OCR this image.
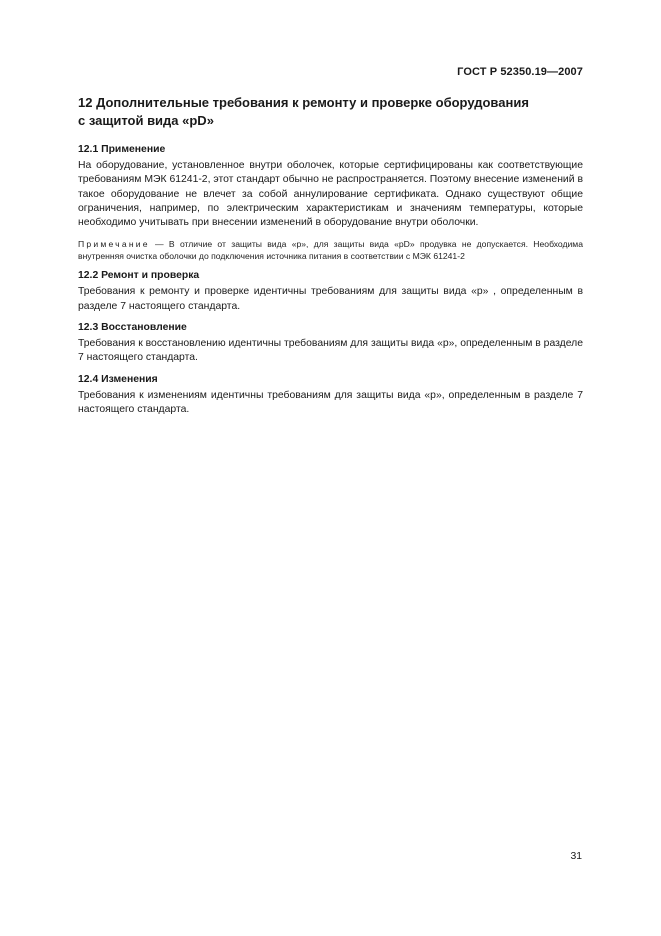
ГОСТ Р 52350.19—2007
12 Дополнительные требования к ремонту и проверке оборудования
с защитой вида «pD»
12.1 Применение

На оборудование, установленное внутри оболочек, которые сертифицированы как соответствующие требованиям МЭК 61241-2, этот стандарт обычно не распространяется. Поэтому внесение изменений в такое оборудование не влечет за собой аннулирование сертификата. Однако существуют общие ограничения, например, по электрическим характеристикам и значениям температуры, которые необходимо учитывать при внесении изменений в оборудование внутри оболочки.

Примечание — В отличие от защиты вида «р», для защиты вида «pD» продувка не допускается. Необходима внутренняя очистка оболочки до подключения источника питания в соответствии с МЭК 61241-2

12.2 Ремонт и проверка

Требования к ремонту и проверке идентичны требованиям для защиты вида «р» , определенным в разделе 7 настоящего стандарта.

12.3 Восстановление

Требования к восстановлению идентичны требованиям для защиты вида «р», определенным в разделе 7 настоящего стандарта.

12.4 Изменения

Требования к изменениям идентичны требованиям для защиты вида «р», определенным в разделе 7 настоящего стандарта.

31
